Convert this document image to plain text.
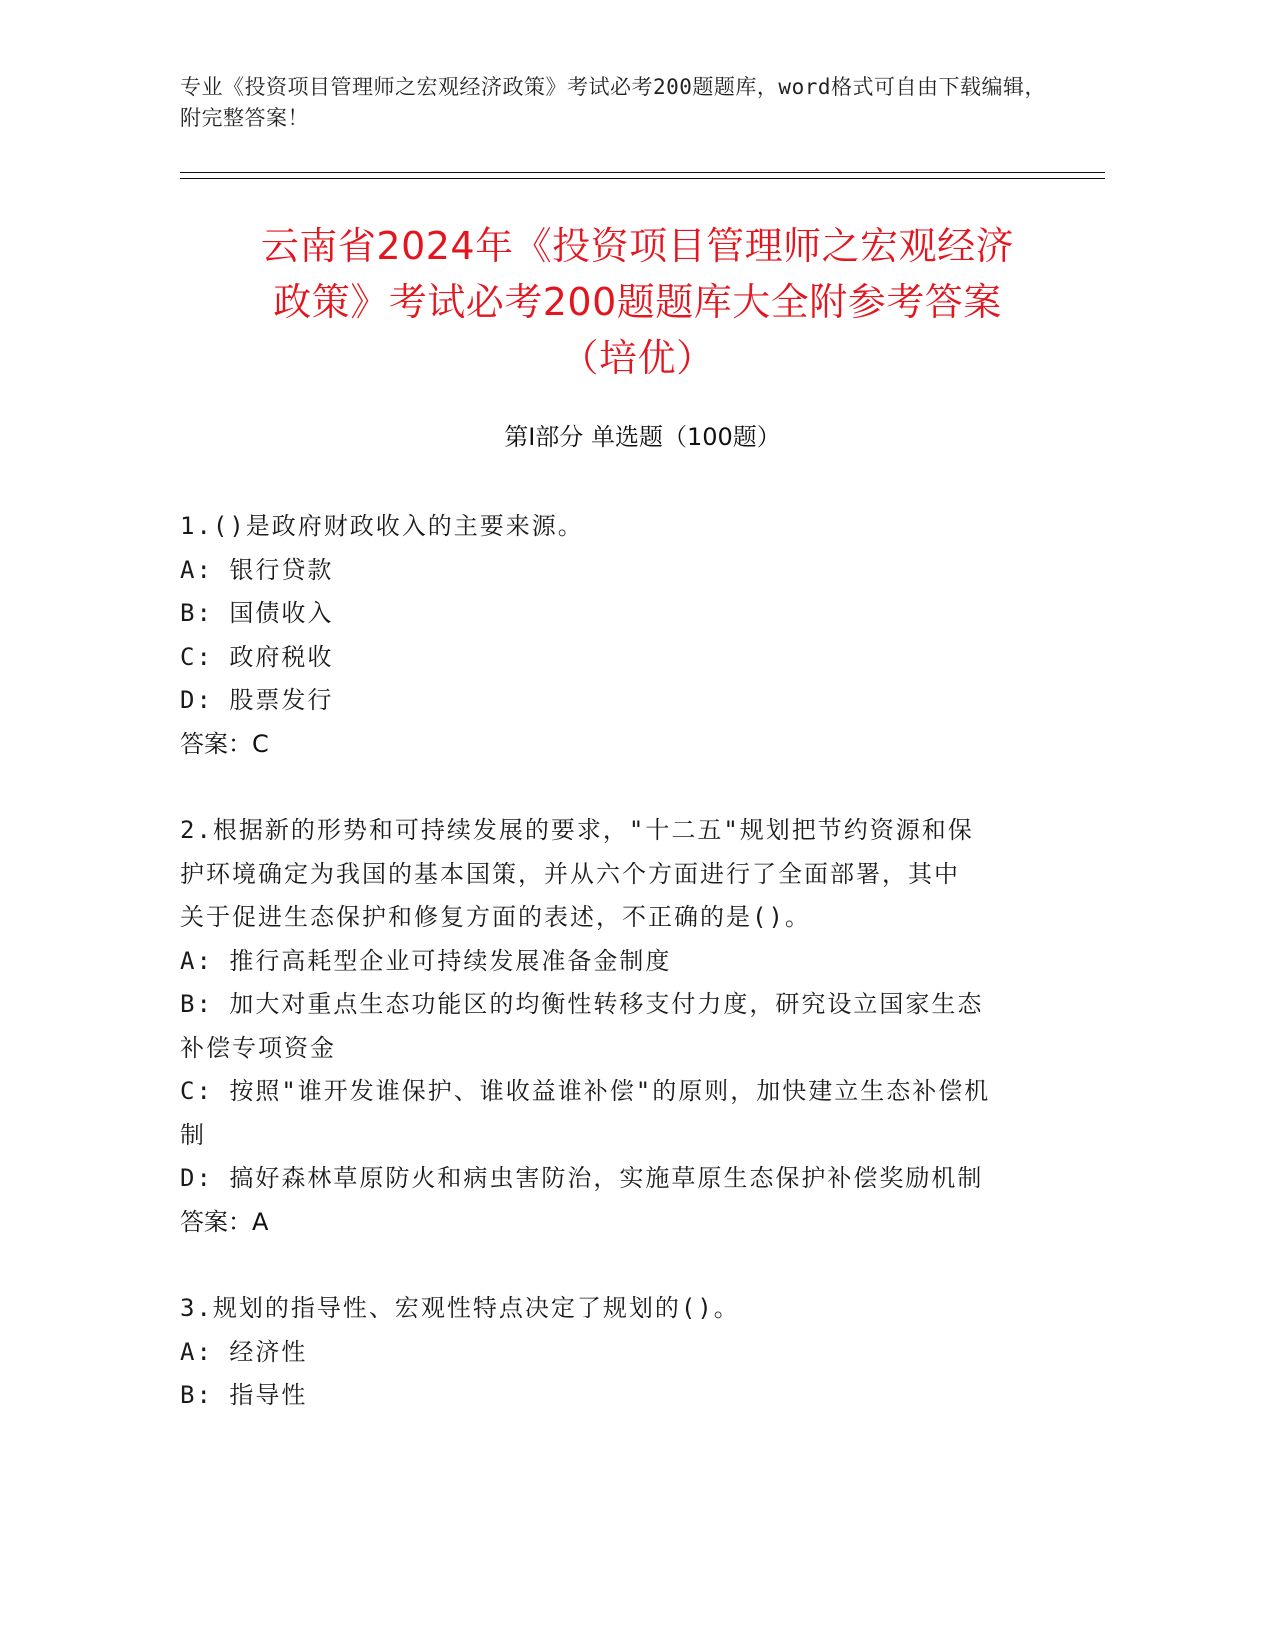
专业《投资项目管理师之宏观经济政策》考试必考200题题库，word格式可自由下载编辑，附完整答案！
云南省2024年《投资项目管理师之宏观经济
政策》考试必考200题题库大全附参考答案
（培优）
第Ⅰ部分 单选题（100题）
1.()是政府财政收入的主要来源。
A: 银行贷款
B: 国债收入
C: 政府税收
D: 股票发行
答案：C
2.根据新的形势和可持续发展的要求，"十二五"规划把节约资源和保
护环境确定为我国的基本国策，并从六个方面进行了全面部署，其中
关于促进生态保护和修复方面的表述，不正确的是()。
A: 推行高耗型企业可持续发展准备金制度
B: 加大对重点生态功能区的均衡性转移支付力度，研究设立国家生态
补偿专项资金
C: 按照"谁开发谁保护、谁收益谁补偿"的原则，加快建立生态补偿机
制
D: 搞好森林草原防火和病虫害防治，实施草原生态保护补偿奖励机制
答案：A
3.规划的指导性、宏观性特点决定了规划的()。
A: 经济性
B: 指导性
